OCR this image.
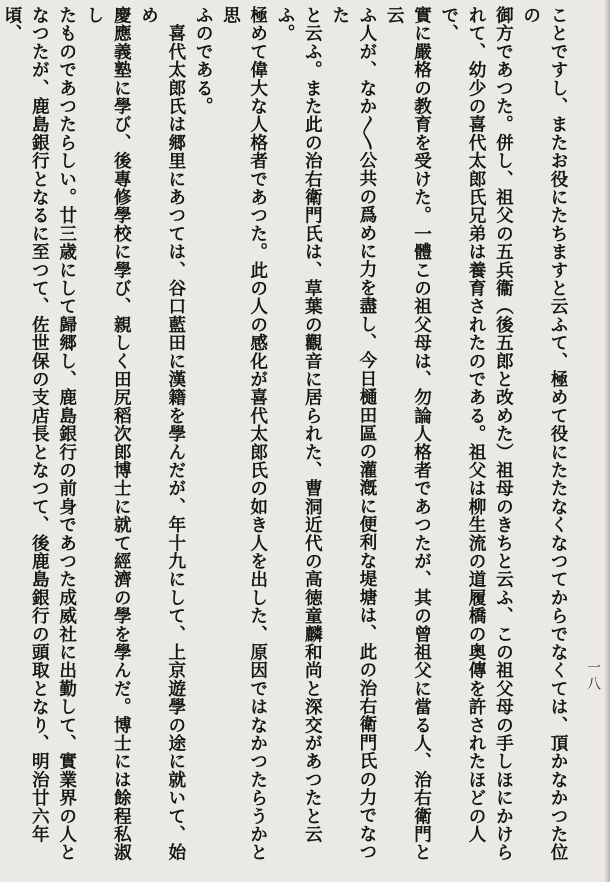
ことですし、またお役にたちますと云ふて、極めて役にたたなくなつてからでなくては、頂かなかつた位の

御方であつた。併し、祖父の五兵衞（後五郎と改めた）祖母のきちと云ふ、この祖父母の手しほにかけら

れて、幼少の喜代太郎氏兄弟は養育されたのである。祖父は柳生流の道履橋の奥傳を許されたほどの人で、

實に嚴格の教育を受けた。一體この祖父母は、勿論人格者であつたが、其の曾祖父に當る人、治右衛門と云

ふ人が、なか〳〵公共の爲めに力を盡し、今日樋田區の灌漑に便利な堤塘は、此の治右衛門氏の力でなつた

と云ふ。また此の治右衛門氏は、草葉の觀音に居られた、曹洞近代の高徳童麟和尚と深交があつたと云ふ。

極めて偉大な人格者であつた。此の人の感化が喜代太郎氏の如き人を出した、原因ではなかつたらうかと思

ふのである。

　喜代太郎氏は郷里にあつては、谷口藍田に漢籍を學んだが、年十九にして、上京遊學の途に就いて、始め

慶應義塾に學び、後專修學校に學び、親しく田尻稻次郎博士に就て經濟の學を學んだ。博士には餘程私淑し

たものであつたらしい。廿三歳にして歸郷し、鹿島銀行の前身であつた成威社に出勤して、實業界の人と

なつたが、鹿島銀行となるに至つて、佐世保の支店長となつて、後鹿島銀行の頭取となり、明治廿六年頃、

一八
